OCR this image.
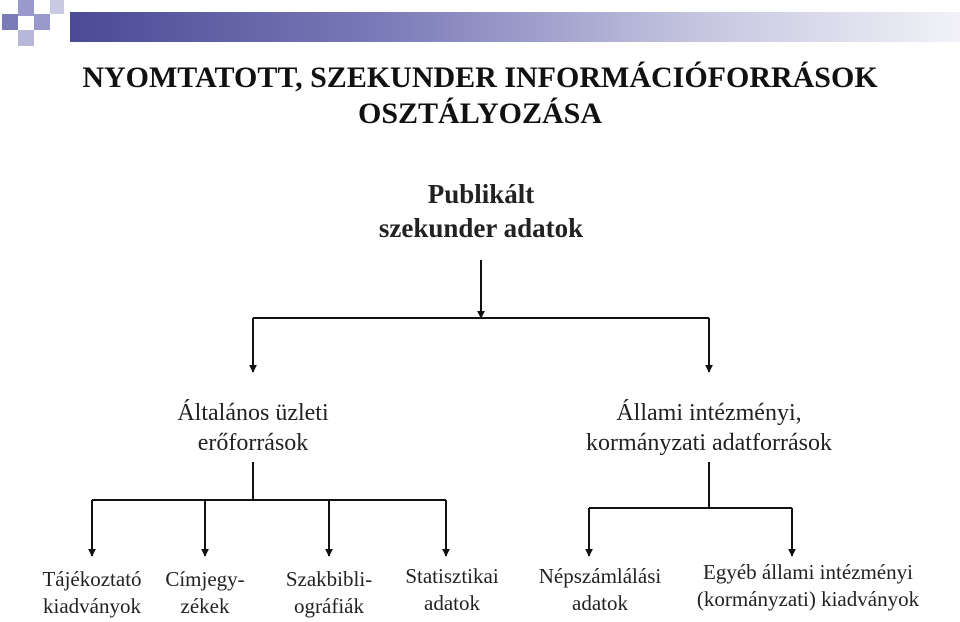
NYOMTATOTT, SZEKUNDER INFORMÁCIÓFORRÁSOK
OSZTÁLYOZÁSA
Publikált
szekunder adatok
Általános üzleti
erőforrások
Állami intézményi,
kormányzati adatforrások
Tájékoztató
kiadványok
Címjegy-
zékek
Szakbibli-
ográfiák
Statisztikai
adatok
Népszámlálási
adatok
Egyéb állami intézményi
(kormányzati) kiadványok
